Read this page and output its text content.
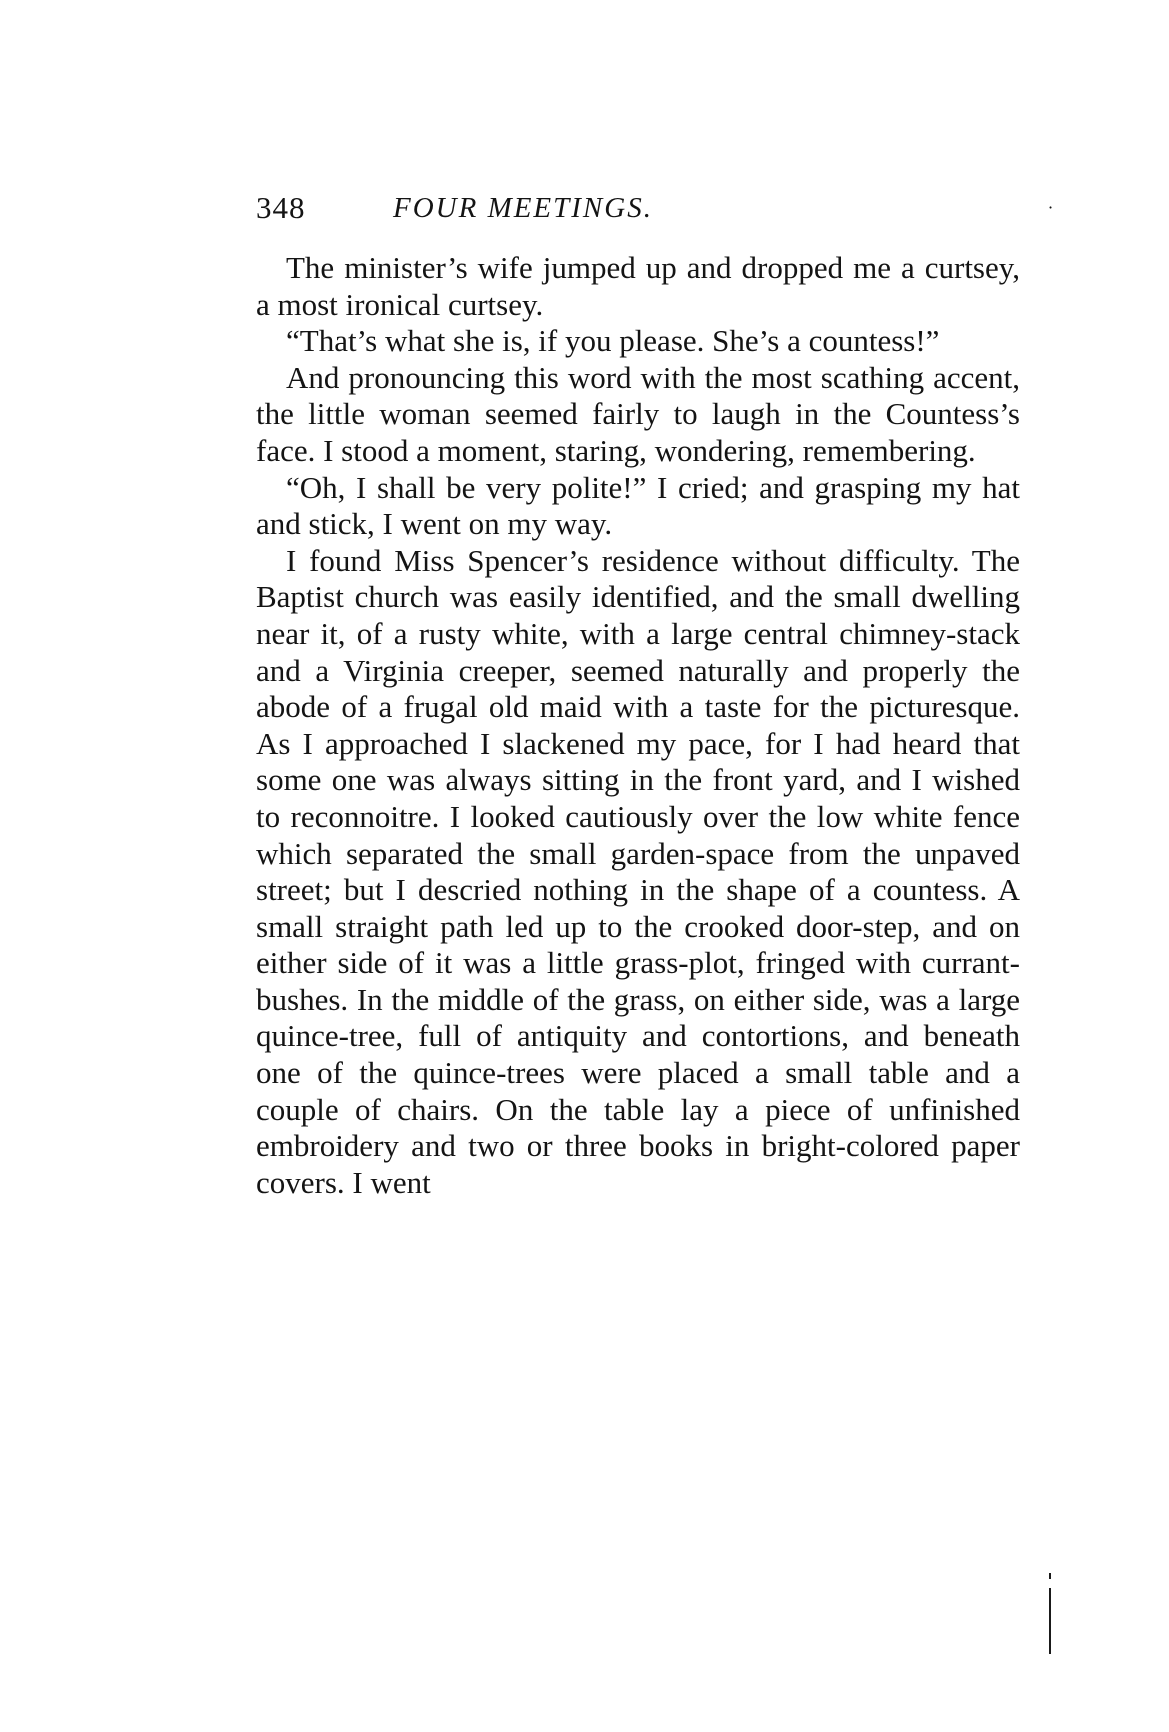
348	FOUR MEETINGS.	·

The minister’s wife jumped up and dropped me a curtsey, a most ironical curtsey.

“That’s what she is, if you please. She’s a countess!”

And pronouncing this word with the most scathing accent, the little woman seemed fairly to laugh in the Countess’s face. I stood a moment, staring, wondering, remembering.

“Oh, I shall be very polite!” I cried; and grasping my hat and stick, I went on my way.

I found Miss Spencer’s residence without difficulty. The Baptist church was easily identified, and the small dwelling near it, of a rusty white, with a large central chimney-stack and a Virginia creeper, seemed naturally and properly the abode of a frugal old maid with a taste for the picturesque. As I approached I slackened my pace, for I had heard that some one was always sitting in the front yard, and I wished to reconnoitre. I looked cautiously over the low white fence which separated the small garden-space from the unpaved street; but I descried nothing in the shape of a countess. A small straight path led up to the crooked door-step, and on either side of it was a little grass-plot, fringed with currant-bushes. In the middle of the grass, on either side, was a large quince-tree, full of antiquity and contortions, and beneath one of the quince-trees were placed a small table and a couple of chairs. On the table lay a piece of unfinished embroidery and two or three books in bright-colored paper covers. I went
